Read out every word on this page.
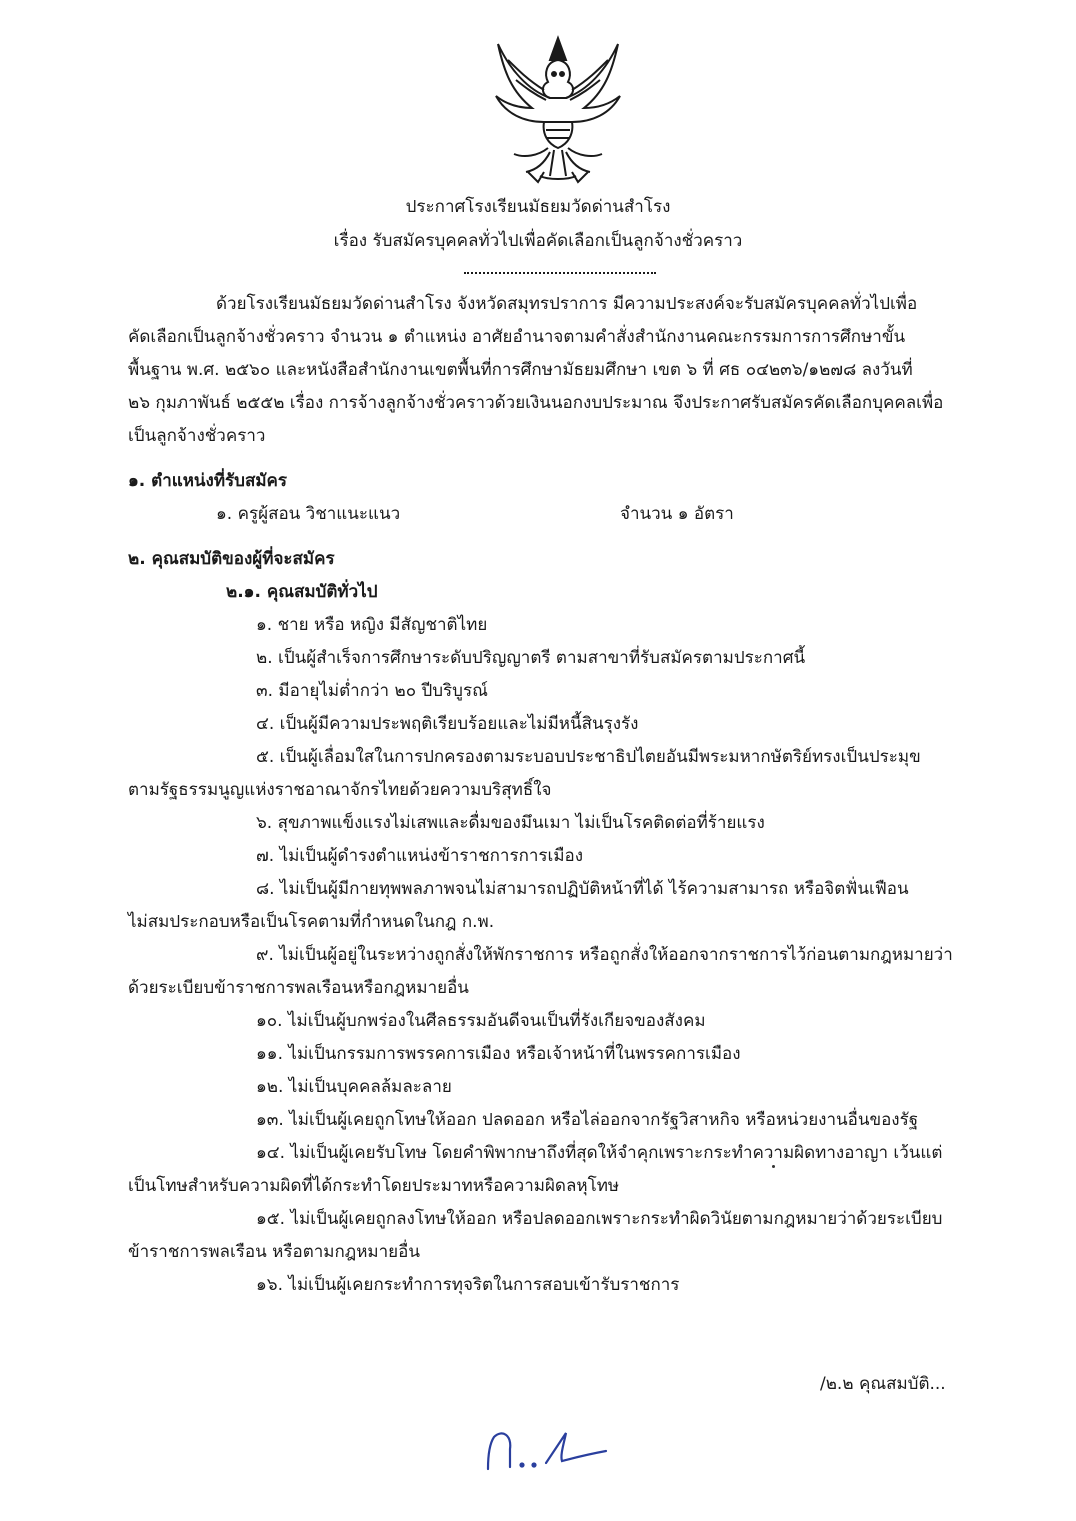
ประกาศโรงเรียนมัธยมวัดด่านสำโรง
เรื่อง รับสมัครบุคคลทั่วไปเพื่อคัดเลือกเป็นลูกจ้างชั่วคราว
ด้วยโรงเรียนมัธยมวัดด่านสำโรง จังหวัดสมุทรปราการ มีความประสงค์จะรับสมัครบุคคลทั่วไปเพื่อ
คัดเลือกเป็นลูกจ้างชั่วคราว จำนวน ๑ ตำแหน่ง อาศัยอำนาจตามคำสั่งสำนักงานคณะกรรมการการศึกษาขั้น
พื้นฐาน พ.ศ. ๒๕๖๐ และหนังสือสำนักงานเขตพื้นที่การศึกษามัธยมศึกษา เขต ๖ ที่ ศธ ๐๔๒๓๖/๑๒๗๘ ลงวันที่
๒๖ กุมภาพันธ์ ๒๕๕๒ เรื่อง การจ้างลูกจ้างชั่วคราวด้วยเงินนอกงบประมาณ จึงประกาศรับสมัครคัดเลือกบุคคลเพื่อ
เป็นลูกจ้างชั่วคราว
๑. ตำแหน่งที่รับสมัคร
๑. ครูผู้สอน วิชาแนะแนว	จำนวน ๑ อัตรา
๒. คุณสมบัติของผู้ที่จะสมัคร
๒.๑. คุณสมบัติทั่วไป
๑. ชาย หรือ หญิง มีสัญชาติไทย
๒. เป็นผู้สำเร็จการศึกษาระดับปริญญาตรี ตามสาขาที่รับสมัครตามประกาศนี้
๓. มีอายุไม่ต่ำกว่า ๒๐ ปีบริบูรณ์
๔. เป็นผู้มีความประพฤติเรียบร้อยและไม่มีหนี้สินรุงรัง
๕. เป็นผู้เลื่อมใสในการปกครองตามระบอบประชาธิปไตยอันมีพระมหากษัตริย์ทรงเป็นประมุข
ตามรัฐธรรมนูญแห่งราชอาณาจักรไทยด้วยความบริสุทธิ์ใจ
๖. สุขภาพแข็งแรงไม่เสพและดื่มของมึนเมา ไม่เป็นโรคติดต่อที่ร้ายแรง
๗. ไม่เป็นผู้ดำรงตำแหน่งข้าราชการการเมือง
๘. ไม่เป็นผู้มีกายทุพพลภาพจนไม่สามารถปฏิบัติหน้าที่ได้ ไร้ความสามารถ หรือจิตฟั่นเฟือน
ไม่สมประกอบหรือเป็นโรคตามที่กำหนดในกฎ ก.พ.
๙. ไม่เป็นผู้อยู่ในระหว่างถูกสั่งให้พักราชการ หรือถูกสั่งให้ออกจากราชการไว้ก่อนตามกฎหมายว่า
ด้วยระเบียบข้าราชการพลเรือนหรือกฎหมายอื่น
๑๐. ไม่เป็นผู้บกพร่องในศีลธรรมอันดีจนเป็นที่รังเกียจของสังคม
๑๑. ไม่เป็นกรรมการพรรคการเมือง หรือเจ้าหน้าที่ในพรรคการเมือง
๑๒. ไม่เป็นบุคคลล้มละลาย
๑๓. ไม่เป็นผู้เคยถูกโทษให้ออก ปลดออก หรือไล่ออกจากรัฐวิสาหกิจ หรือหน่วยงานอื่นของรัฐ
๑๔. ไม่เป็นผู้เคยรับโทษ โดยคำพิพากษาถึงที่สุดให้จำคุกเพราะกระทำความผิดทางอาญา เว้นแต่
เป็นโทษสำหรับความผิดที่ได้กระทำโดยประมาทหรือความผิดลหุโทษ
๑๕. ไม่เป็นผู้เคยถูกลงโทษให้ออก หรือปลดออกเพราะกระทำผิดวินัยตามกฎหมายว่าด้วยระเบียบ
ข้าราชการพลเรือน หรือตามกฎหมายอื่น
๑๖. ไม่เป็นผู้เคยกระทำการทุจริตในการสอบเข้ารับราชการ
/๒.๒ คุณสมบัติ...
